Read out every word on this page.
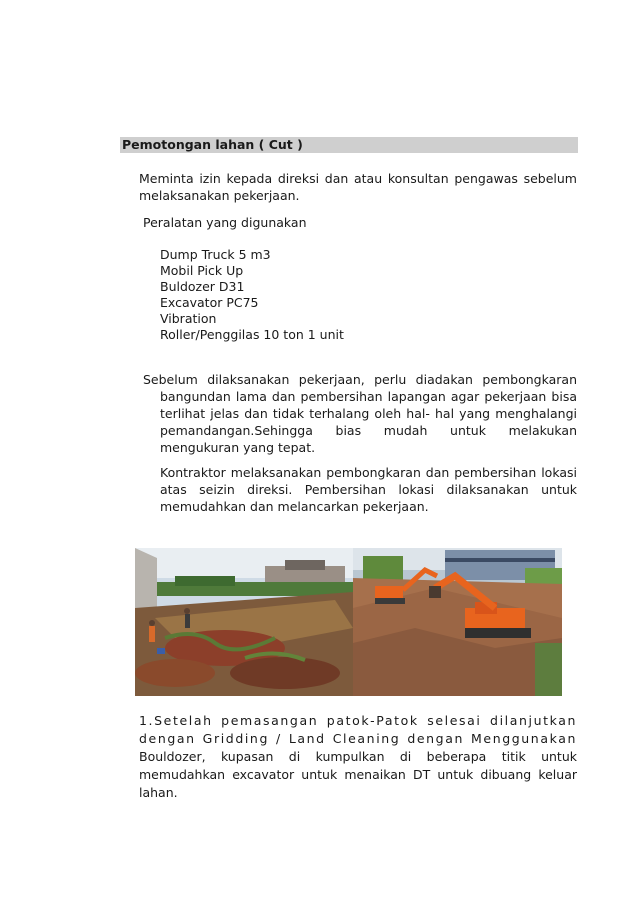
Pemotongan lahan ( Cut )
Meminta izin kepada direksi dan atau konsultan pengawas sebelum
melaksanakan pekerjaan.
Peralatan yang digunakan
Dump Truck 5 m3
Mobil Pick Up
Buldozer D31
Excavator PC75
Vibration
Roller/Penggilas 10 ton 1 unit
Sebelum dilaksanakan pekerjaan, perlu diadakan pembongkaran
bangundan lama dan pembersihan lapangan agar pekerjaan bisa terlihat jelas dan tidak terhalang oleh hal- hal yang menghalangi pemandangan.Sehingga bias mudah untuk melakukan mengukuran yang tepat.
Kontraktor melaksanakan pembongkaran dan pembersihan lokasi atas seizin direksi. Pembersihan lokasi dilaksanakan untuk memudahkan dan melancarkan pekerjaan.
1.Setelah pemasangan patok-Patok selesai dilanjutkan
dengan Gridding / Land Cleaning dengan Menggunakan
Bouldozer, kupasan di kumpulkan di beberapa titik untuk memudahkan excavator untuk menaikan DT untuk dibuang keluar lahan.
